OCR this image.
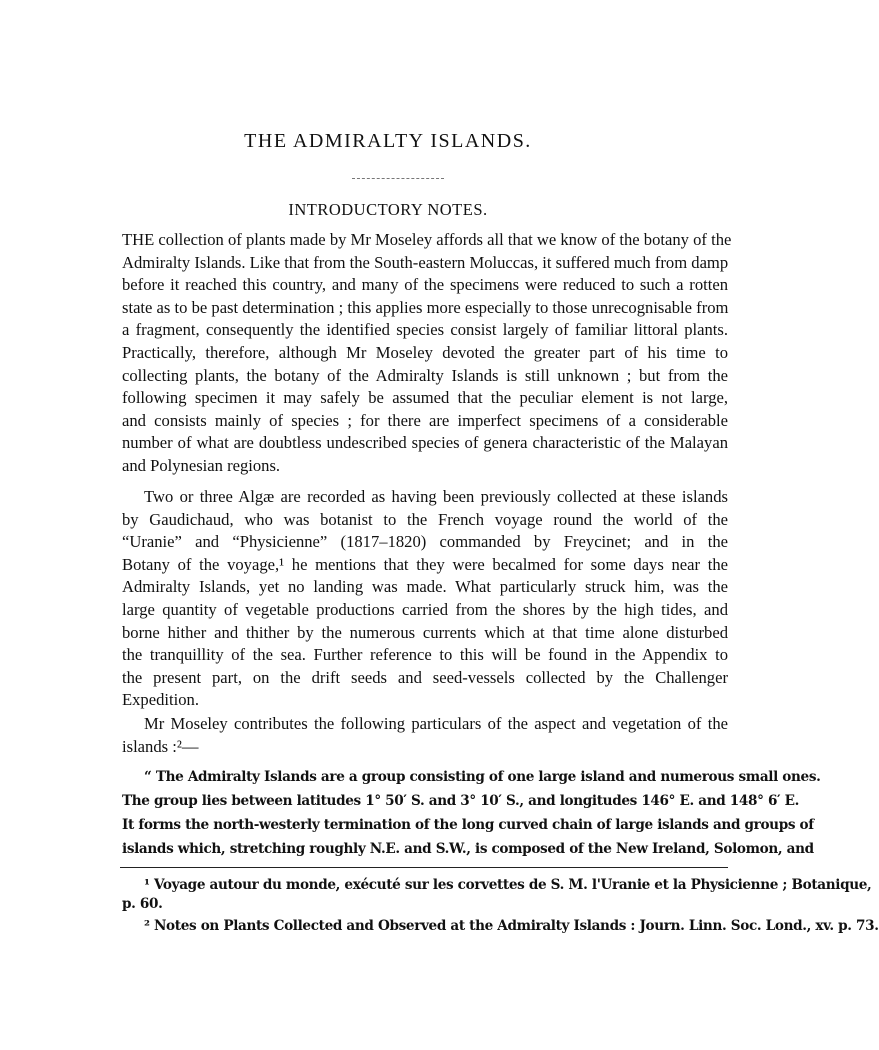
THE ADMIRALTY ISLANDS.
INTRODUCTORY NOTES.
THE collection of plants made by Mr Moseley affords all that we know of the botany of the
Admiralty Islands. Like that from the South-eastern Moluccas, it suffered much from damp
before it reached this country, and many of the specimens were reduced to such a rotten
state as to be past determination ; this applies more especially to those unrecognisable from
a fragment, consequently the identified species consist largely of familiar littoral plants.
Practically, therefore, although Mr Moseley devoted the greater part of his time to
collecting plants, the botany of the Admiralty Islands is still unknown ; but from the
following specimen it may safely be assumed that the peculiar element is not large,
and consists mainly of species ; for there are imperfect specimens of a considerable
number of what are doubtless undescribed species of genera characteristic of the Malayan
and Polynesian regions.
Two or three Algæ are recorded as having been previously collected at these islands
by Gaudichaud, who was botanist to the French voyage round the world of the
“Uranie” and “Physicienne” (1817–1820) commanded by Freycinet; and in the
Botany of the voyage,¹ he mentions that they were becalmed for some days near the
Admiralty Islands, yet no landing was made. What particularly struck him, was the
large quantity of vegetable productions carried from the shores by the high tides, and
borne hither and thither by the numerous currents which at that time alone disturbed
the tranquillity of the sea. Further reference to this will be found in the Appendix to
the present part, on the drift seeds and seed-vessels collected by the Challenger
Expedition.
Mr Moseley contributes the following particulars of the aspect and vegetation of the
islands :²—
“ The Admiralty Islands are a group consisting of one large island and numerous small ones.
The group lies between latitudes 1° 50′ S. and 3° 10′ S., and longitudes 146° E. and 148° 6′ E.
It forms the north-westerly termination of the long curved chain of large islands and groups of
islands which, stretching roughly N.E. and S.W., is composed of the New Ireland, Solomon, and
¹ Voyage autour du monde, exécuté sur les corvettes de S. M. l'Uranie et la Physicienne ; Botanique,
p. 60.
² Notes on Plants Collected and Observed at the Admiralty Islands : Journ. Linn. Soc. Lond., xv. p. 73.
